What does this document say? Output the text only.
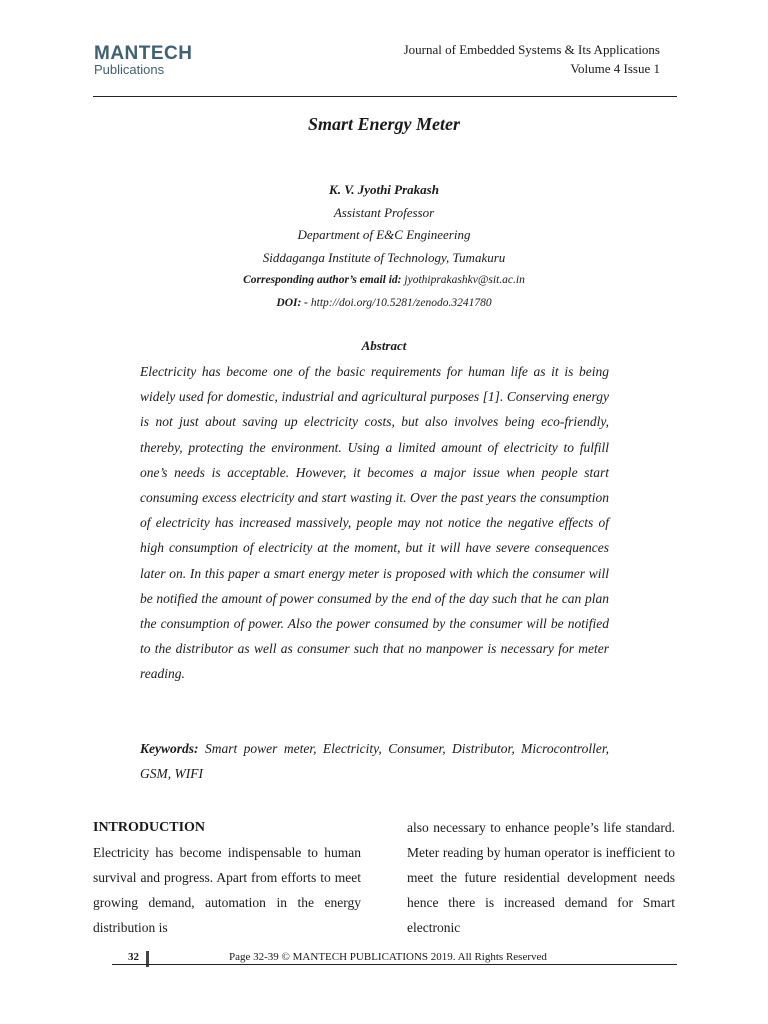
MANTECH
Publications
Journal of Embedded Systems & Its Applications
Volume 4 Issue 1
Smart Energy Meter
K. V. Jyothi Prakash
Assistant Professor
Department of E&C Engineering
Siddaganga Institute of Technology, Tumakuru
Corresponding author’s email id: jyothiprakashkv@sit.ac.in
DOI: - http://doi.org/10.5281/zenodo.3241780
Abstract

Electricity has become one of the basic requirements for human life as it is being widely used for domestic, industrial and agricultural purposes [1]. Conserving energy is not just about saving up electricity costs, but also involves being eco-friendly, thereby, protecting the environment. Using a limited amount of electricity to fulfill one’s needs is acceptable. However, it becomes a major issue when people start consuming excess electricity and start wasting it. Over the past years the consumption of electricity has increased massively, people may not notice the negative effects of high consumption of electricity at the moment, but it will have severe consequences later on. In this paper a smart energy meter is proposed with which the consumer will be notified the amount of power consumed by the end of the day such that he can plan the consumption of power. Also the power consumed by the consumer will be notified to the distributor as well as consumer such that no manpower is necessary for meter reading.

Keywords: Smart power meter, Electricity, Consumer, Distributor, Microcontroller, GSM, WIFI

INTRODUCTION

Electricity has become indispensable to human survival and progress. Apart from efforts to meet growing demand, automation in the energy distribution is

also necessary to enhance people’s life standard. Meter reading by human operator is inefficient to meet the future residential development needs hence there is increased demand for Smart electronic

32	Page 32-39 © MANTECH PUBLICATIONS 2019. All Rights Reserved
